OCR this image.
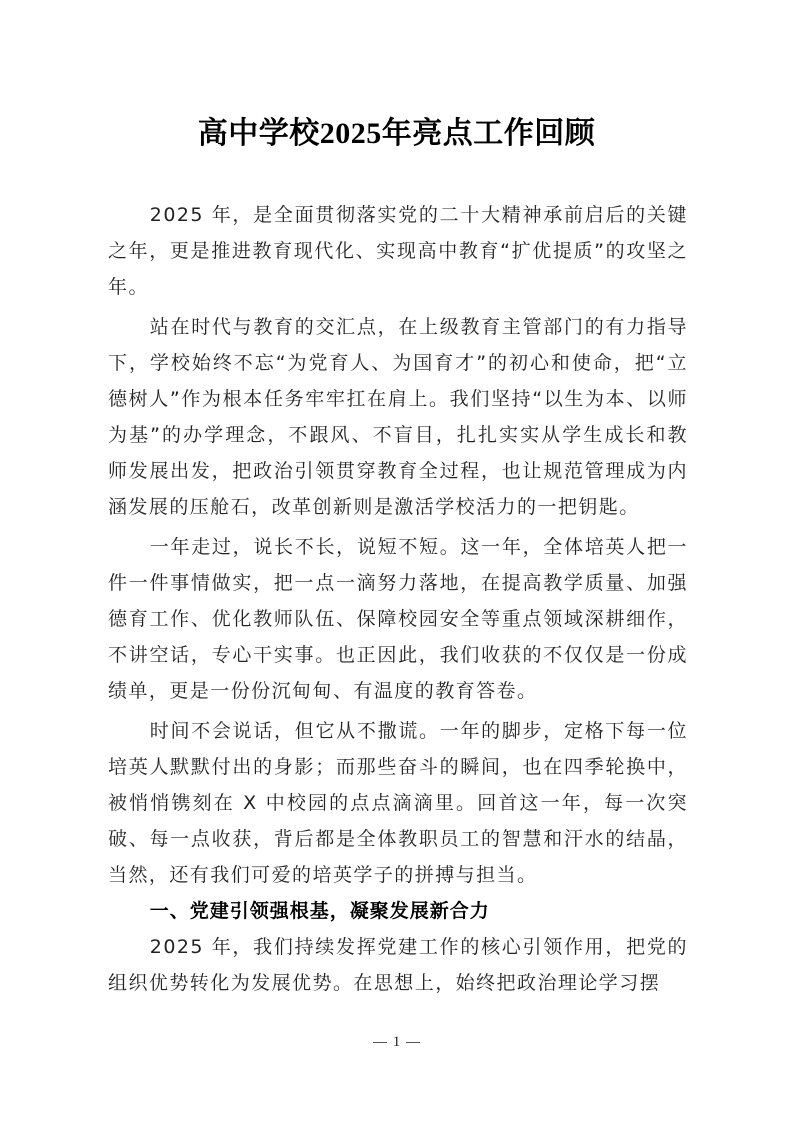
高中学校2025年亮点工作回顾

2025 年，是全面贯彻落实党的二十大精神承前启后的关键之年，更是推进教育现代化、实现高中教育“扩优提质”的攻坚之年。

站在时代与教育的交汇点，在上级教育主管部门的有力指导下，学校始终不忘“为党育人、为国育才”的初心和使命，把“立德树人”作为根本任务牢牢扛在肩上。我们坚持“以生为本、以师为基”的办学理念，不跟风、不盲目，扎扎实实从学生成长和教师发展出发，把政治引领贯穿教育全过程，也让规范管理成为内涵发展的压舱石，改革创新则是激活学校活力的一把钥匙。

一年走过，说长不长，说短不短。这一年，全体培英人把一件一件事情做实，把一点一滴努力落地，在提高教学质量、加强德育工作、优化教师队伍、保障校园安全等重点领域深耕细作，不讲空话，专心干实事。也正因此，我们收获的不仅仅是一份成绩单，更是一份份沉甸甸、有温度的教育答卷。

时间不会说话，但它从不撒谎。一年的脚步，定格下每一位培英人默默付出的身影；而那些奋斗的瞬间，也在四季轮换中，被悄悄镌刻在 X 中校园的点点滴滴里。回首这一年，每一次突破、每一点收获，背后都是全体教职员工的智慧和汗水的结晶，当然，还有我们可爱的培英学子的拼搏与担当。

一、党建引领强根基，凝聚发展新合力

2025 年，我们持续发挥党建工作的核心引领作用，把党的组织优势转化为发展优势。在思想上，始终把政治理论学习摆

1
